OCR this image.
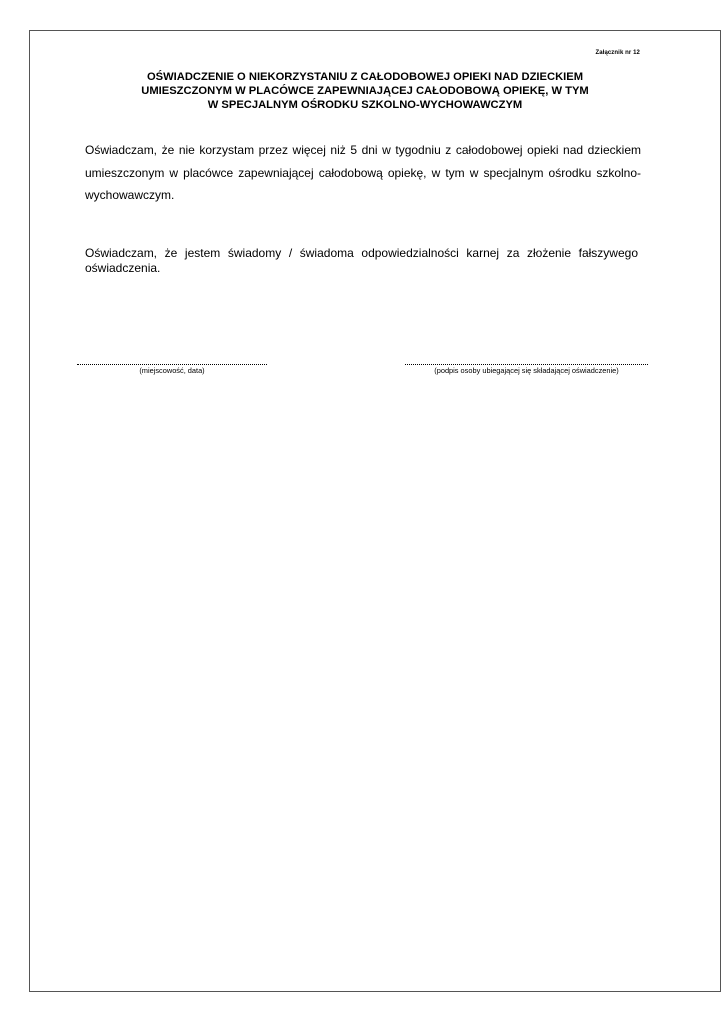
Załącznik nr 12
OŚWIADCZENIE O NIEKORZYSTANIU Z CAŁODOBOWEJ OPIEKI NAD DZIECKIEM
UMIESZCZONYM W PLACÓWCE ZAPEWNIAJĄCEJ CAŁODOBOWĄ OPIEKĘ, W TYM
W SPECJALNYM OŚRODKU SZKOLNO-WYCHOWAWCZYM
Oświadczam, że nie korzystam przez więcej niż 5 dni w tygodniu z całodobowej opieki nad dzieckiem umieszczonym w placówce zapewniającej całodobową opiekę, w tym w specjalnym ośrodku szkolno-wychowawczym.
Oświadczam, że jestem świadomy / świadoma odpowiedzialności karnej za złożenie fałszywego oświadczenia.
(miejscowość, data)	(podpis osoby ubiegającej się składającej oświadczenie)
